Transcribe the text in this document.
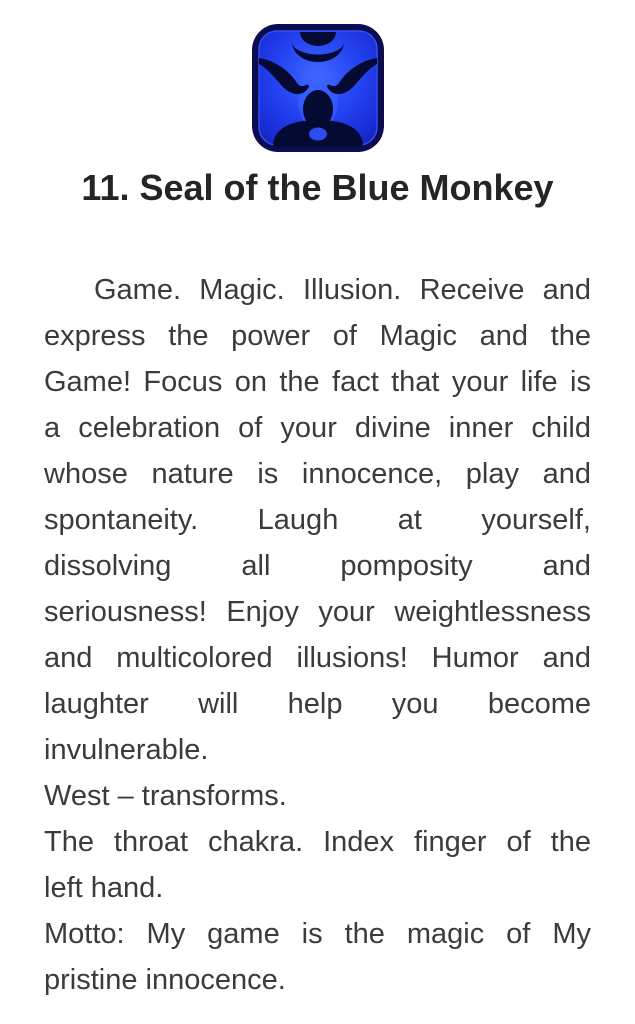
11. Seal of the Blue Monkey
Game. Magic. Illusion. Receive and
express the power of Magic and the
Game! Focus on the fact that your life is
a celebration of your divine inner child
whose nature is innocence, play and
spontaneity. Laugh at yourself,
dissolving all pomposity and
seriousness! Enjoy your weightlessness
and multicolored illusions! Humor and
laughter will help you become
invulnerable.
West – transforms.
The throat chakra. Index finger of the
left hand.
Motto: My game is the magic of My
pristine innocence.
